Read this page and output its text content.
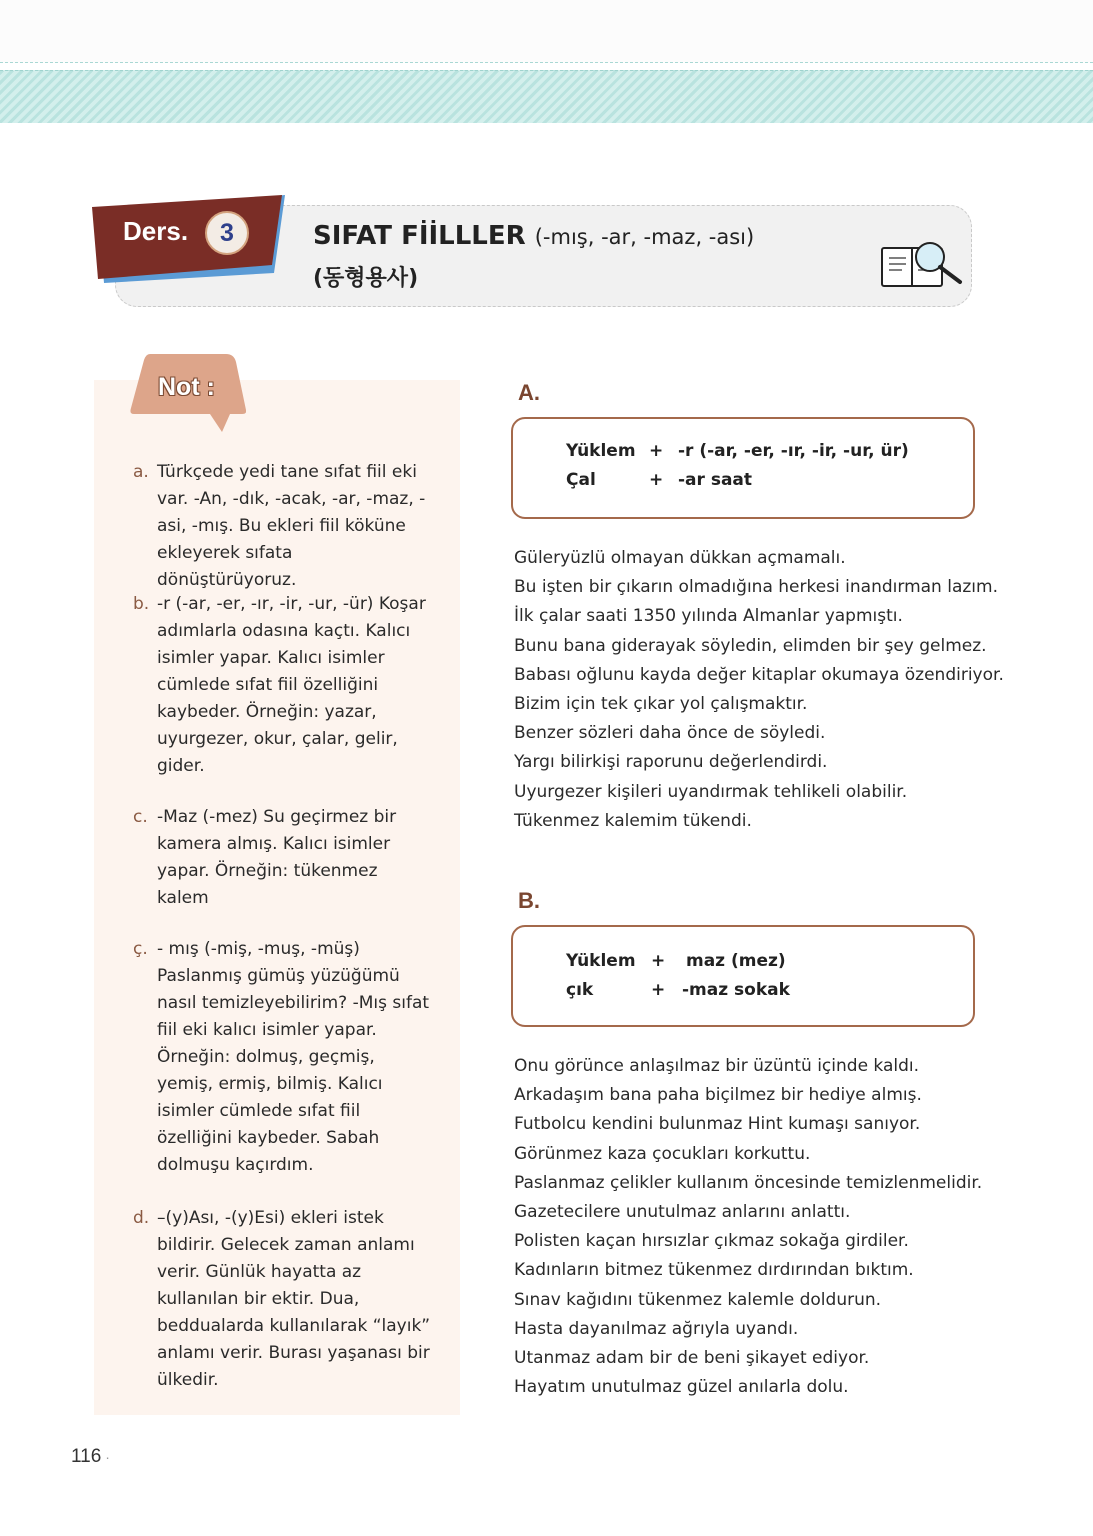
Ders.	3	SIFAT FİİLLLER (-mış, -ar, -maz, -ası)
(동형용사)
Not :
a. Türkçede yedi tane sıfat fiil eki var. -An, -dık, -acak, -ar, -maz, -asi, -mış. Bu ekleri fiil köküne ekleyerek sıfata dönüştürüyoruz.
b. -r (-ar, -er, -ır, -ir, -ur, -ür) Koşar adımlarla odasına kaçtı. Kalıcı isimler yapar. Kalıcı isimler cümlede sıfat fiil özelliğini kaybeder. Örneğin: yazar, uyurgezer, okur, çalar, gelir, gider.
c. -Maz (-mez) Su geçirmez bir kamera almış. Kalıcı isimler yapar. Örneğin: tükenmez kalem
ç. - mış (-miş, -muş, -müş) Paslanmış gümüş yüzüğümü nasıl temizleyebilirim? -Mış sıfat fiil eki kalıcı isimler yapar. Örneğin: dolmuş, geçmiş, yemiş, ermiş, bilmiş. Kalıcı isimler cümlede sıfat fiil özelliğini kaybeder. Sabah dolmuşu kaçırdım.
d. –(y)Ası, -(y)Esi) ekleri istek bildirir. Gelecek zaman anlamı verir. Günlük hayatta az kullanılan bir ektir. Dua, beddualarda kullanılarak “layık” anlamı verir. Burası yaşanası bir ülkedir.
A.
Yüklem + -r (-ar, -er, -ır, -ir, -ur, ür)
Çal	+ -ar saat
Güleryüzlü olmayan dükkan açmamalı.
Bu işten bir çıkarın olmadığına herkesi inandırman lazım.
İlk çalar saati 1350 yılında Almanlar yapmıştı.
Bunu bana giderayak söyledin, elimden bir şey gelmez.
Babası oğlunu kayda değer kitaplar okumaya özendiriyor.
Bizim için tek çıkar yol çalışmaktır.
Benzer sözleri daha önce de söyledi.
Yargı bilirkişi raporunu değerlendirdi.
Uyurgezer kişileri uyandırmak tehlikeli olabilir.
Tükenmez kalemim tükendi.
B.
Yüklem + maz (mez)
çık	+ -maz sokak
Onu görünce anlaşılmaz bir üzüntü içinde kaldı.
Arkadaşım bana paha biçilmez bir hediye almış.
Futbolcu kendini bulunmaz Hint kumaşı sanıyor.
Görünmez kaza çocukları korkuttu.
Paslanmaz çelikler kullanım öncesinde temizlenmelidir.
Gazetecilere unutulmaz anlarını anlattı.
Polisten kaçan hırsızlar çıkmaz sokağa girdiler.
Kadınların bitmez tükenmez dırdırından bıktım.
Sınav kağıdını tükenmez kalemle doldurun.
Hasta dayanılmaz ağrıyla uyandı.
Utanmaz adam bir de beni şikayet ediyor.
Hayatım unutulmaz güzel anılarla dolu.
116 ·
